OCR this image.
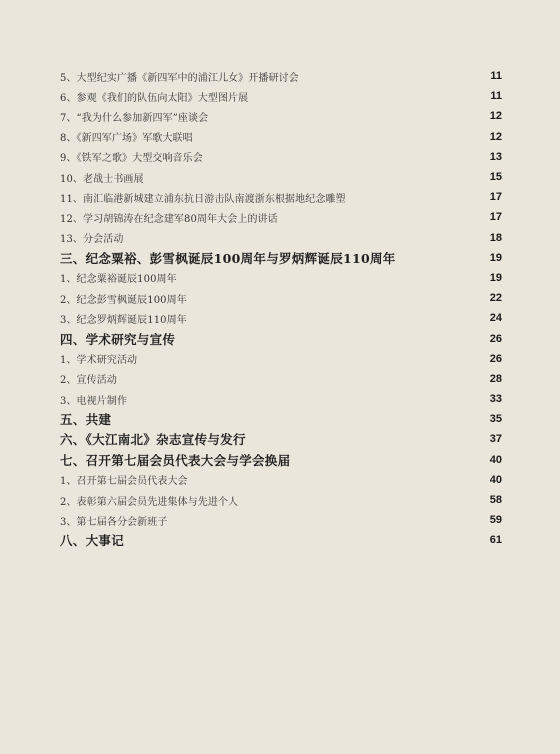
5、大型纪实广播《新四军中的浦江儿女》开播研讨会	11
6、参观《我们的队伍向太阳》大型图片展	11
7、“我为什么参加新四军”座谈会	12
8、《新四军广场》军歌大联唱	12
9、《铁军之歌》大型交响音乐会	13
10、老战士书画展	15
11、南汇临港新城建立浦东抗日游击队南渡浙东根据地纪念雕塑	17
12、学习胡锦涛在纪念建军80周年大会上的讲话	17
13、分会活动	18
三、纪念粟裕、彭雪枫诞辰100周年与罗炳辉诞辰110周年	19
1、纪念粟裕诞辰100周年	19
2、纪念彭雪枫诞辰100周年	22
3、纪念罗炳辉诞辰110周年	24
四、学术研究与宣传	26
1、学术研究活动	26
2、宣传活动	28
3、电视片制作	33
五、共建	35
六、《大江南北》杂志宣传与发行	37
七、召开第七届会员代表大会与学会换届	40
1、召开第七届会员代表大会	40
2、表彰第六届会员先进集体与先进个人	58
3、第七届各分会新班子	59
八、大事记	61
